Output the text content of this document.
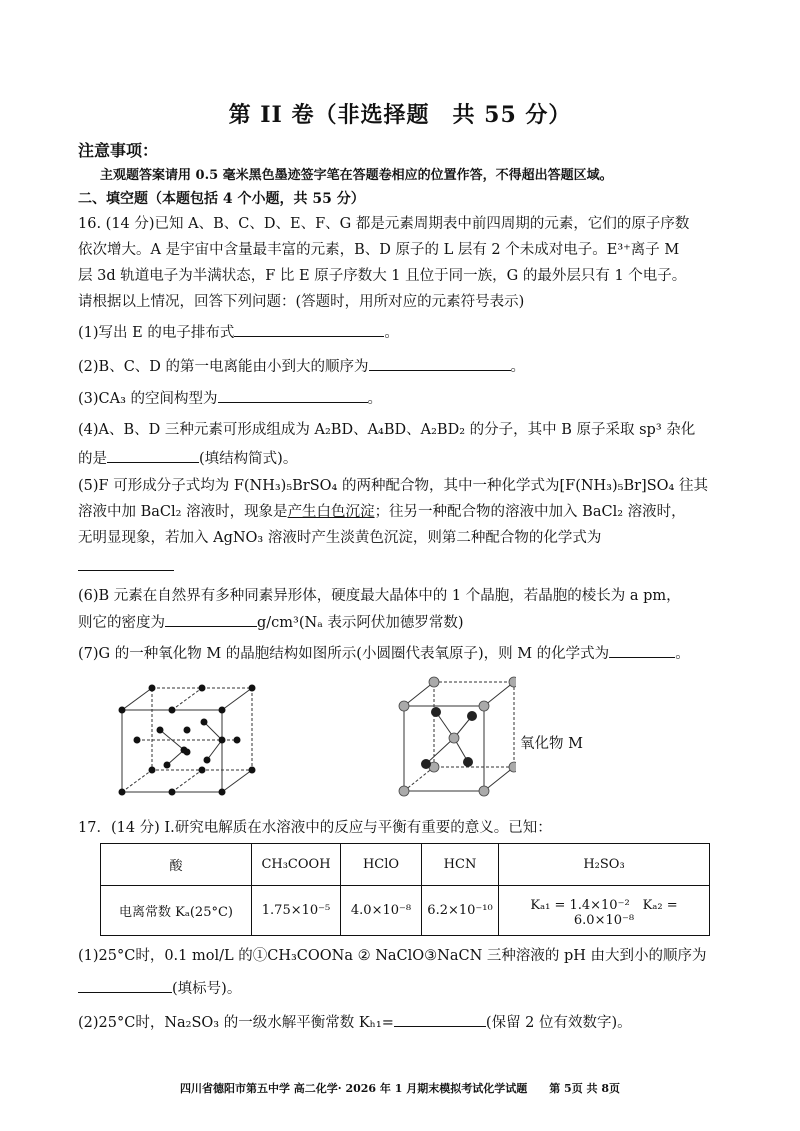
第 II 卷（非选择题　共 55 分）
注意事项：
主观题答案请用 0.5 毫米黑色墨迹签字笔在答题卷相应的位置作答，不得超出答题区域。
二、填空题（本题包括 4 个小题，共 55 分）
16. (14 分)已知 A、B、C、D、E、F、G 都是元素周期表中前四周期的元素，它们的原子序数
依次增大。A 是宇宙中含量最丰富的元素，B、D 原子的 L 层有 2 个未成对电子。E³⁺离子 M
层 3d 轨道电子为半满状态，F 比 E 原子序数大 1 且位于同一族，G 的最外层只有 1 个电子。
请根据以上情况，回答下列问题：(答题时，用所对应的元素符号表示)
(1)写出 E 的电子排布式	。
(2)B、C、D 的第一电离能由小到大的顺序为	。
(3)CA₃ 的空间构型为	。
(4)A、B、D 三种元素可形成组成为 A₂BD、A₄BD、A₂BD₂ 的分子，其中 B 原子采取 sp³ 杂化
的是	(填结构简式)。
(5)F 可形成分子式均为 F(NH₃)₅BrSO₄ 的两种配合物，其中一种化学式为[F(NH₃)₅Br]SO₄ 往其
溶液中加 BaCl₂ 溶液时，现象是产生白色沉淀；往另一种配合物的溶液中加入 BaCl₂ 溶液时，
无明显现象，若加入 AgNO₃ 溶液时产生淡黄色沉淀，则第二种配合物的化学式为
(6)B 元素在自然界有多种同素异形体，硬度最大晶体中的 1 个晶胞，若晶胞的棱长为 a pm，
则它的密度为	g/cm³(Nₐ 表示阿伏加德罗常数)
(7)G 的一种氧化物 M 的晶胞结构如图所示(小圆圈代表氧原子)，则 M 的化学式为	。
氧化物 M
17．(14 分) Ⅰ.研究电解质在水溶液中的反应与平衡有重要的意义。已知：
酸	CH₃COOH	HClO	HCN	H₂SO₃
电离常数 Kₐ(25°C)	1.75×10⁻⁵	4.0×10⁻⁸	6.2×10⁻¹⁰	Kₐ₁ = 1.4×10⁻²　Kₐ₂ = 6.0×10⁻⁸
(1)25°C时，0.1 mol/L 的①CH₃COONa ② NaClO③NaCN 三种溶液的 pH 由大到小的顺序为
(填标号)。
(2)25°C时，Na₂SO₃ 的一级水解平衡常数 Kₕ₁=	(保留 2 位有效数字)。
四川省德阳市第五中学 高二化学· 2026 年 1 月期末模拟考试化学试题　　第 5页 共 8页
